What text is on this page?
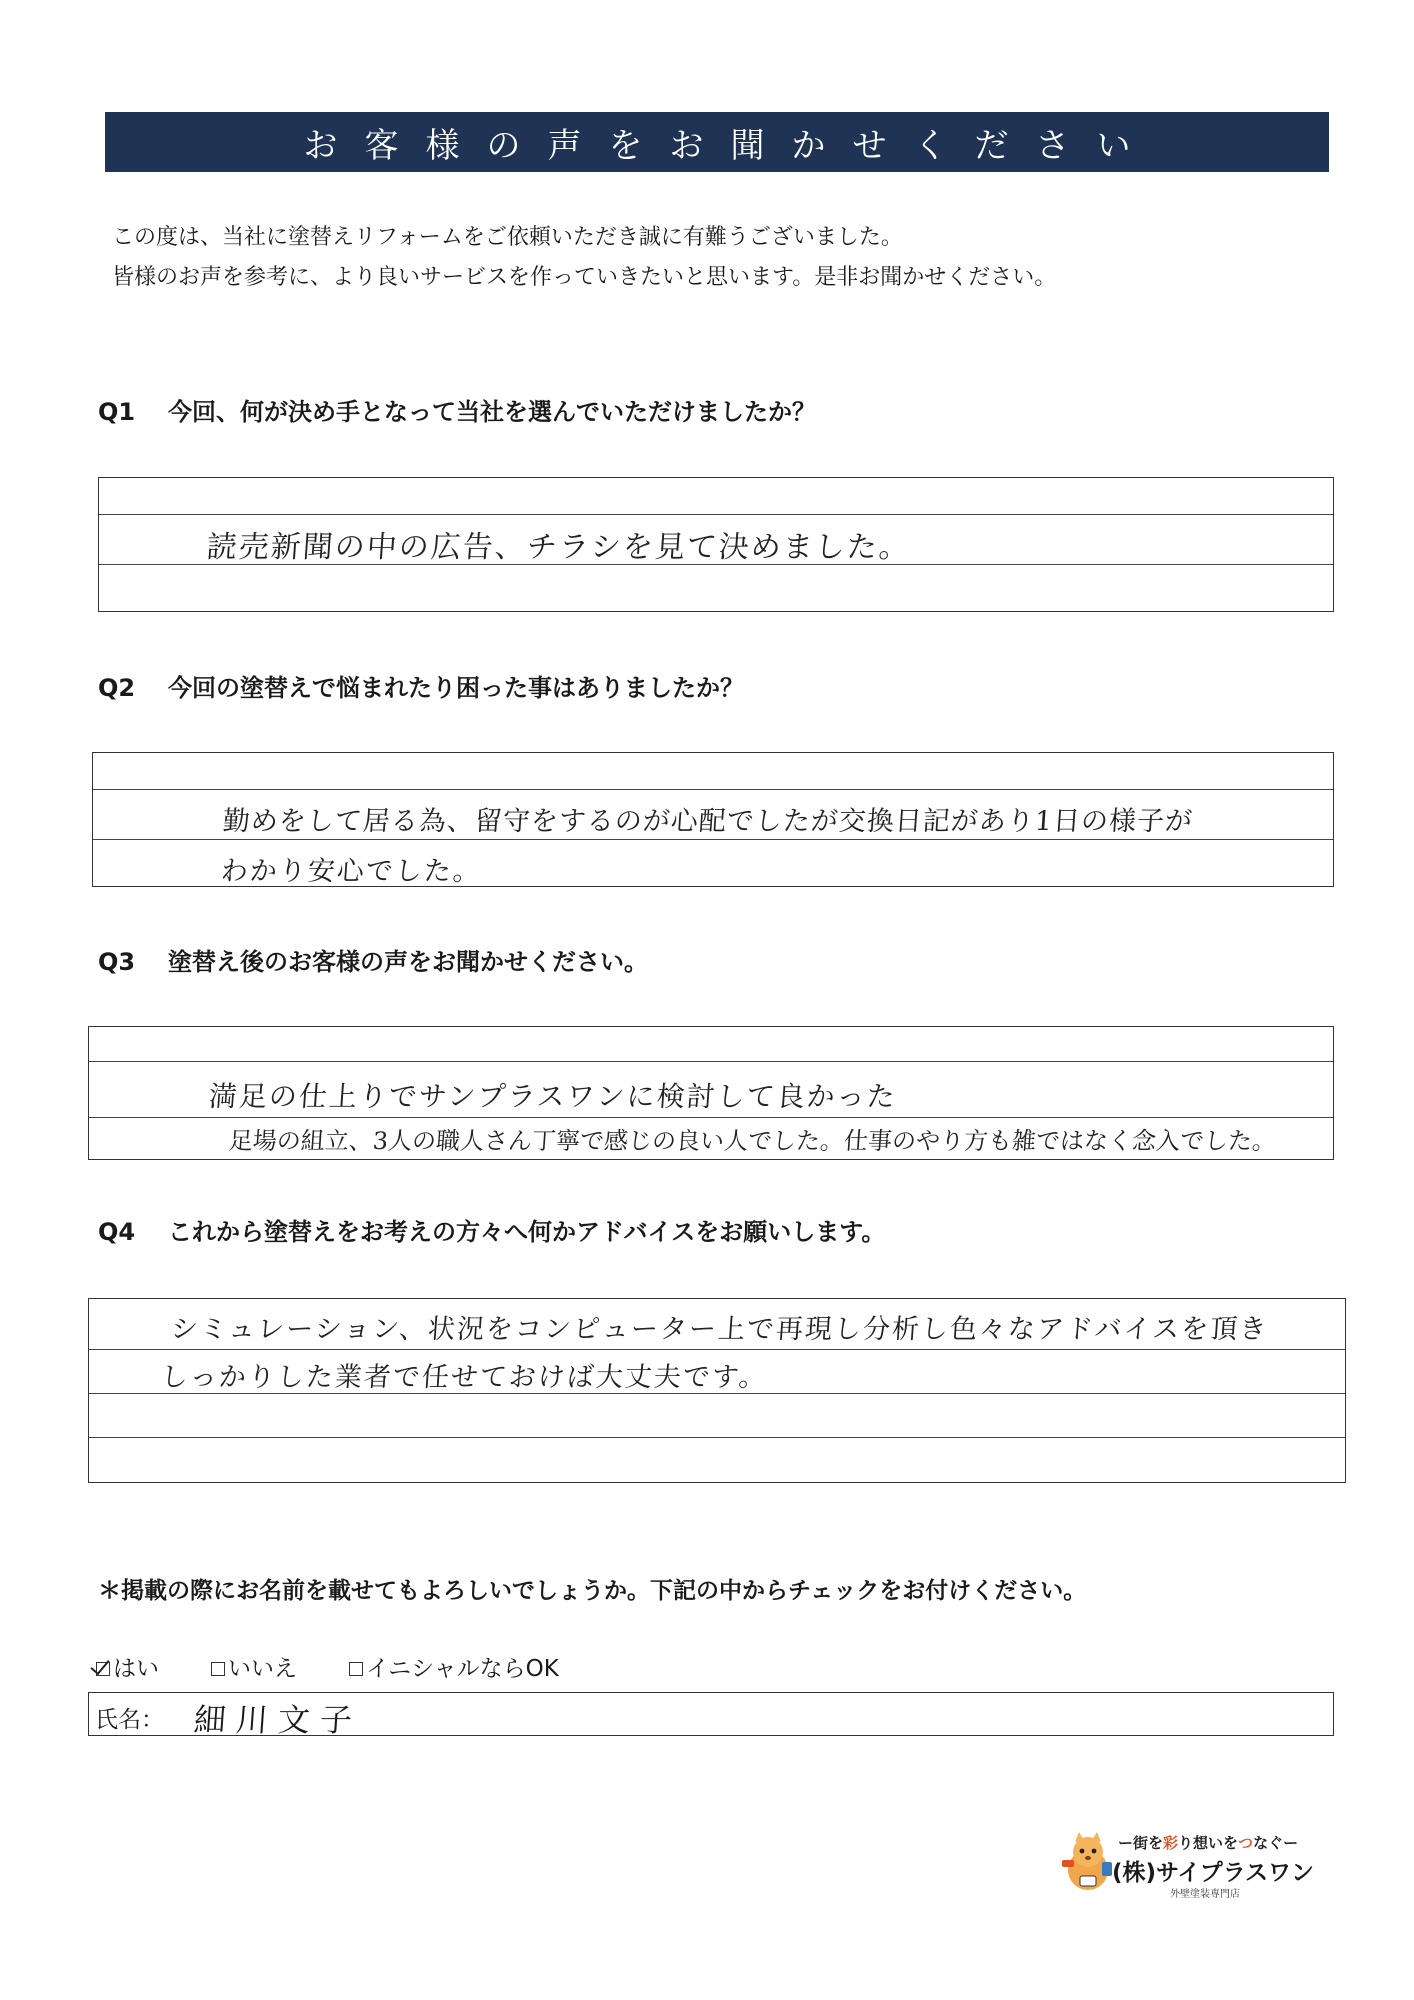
お客様の声をお聞かせください
この度は、当社に塗替えリフォームをご依頼いただき誠に有難うございました。
皆様のお声を参考に、より良いサービスを作っていきたいと思います。是非お聞かせください。
Q1 今回、何が決め手となって当社を選んでいただけましたか？
読売新聞の中の広告、チラシを見て決めました。
Q2 今回の塗替えで悩まれたり困った事はありましたか？
勤めをして居る為、留守をするのが心配でしたが交換日記があり1日の様子が
わかり安心でした。
Q3 塗替え後のお客様の声をお聞かせください。
満足の仕上りでサンプラスワンに検討して良かった
足場の組立、3人の職人さん丁寧で感じの良い人でした。仕事のやり方も雑ではなく念入でした。
Q4 これから塗替えをお考えの方々へ何かアドバイスをお願いします。
シミュレーション、状況をコンピューター上で再現し分析し色々なアドバイスを頂き
しっかりした業者で任せておけば大丈夫です。
＊掲載の際にお名前を載せてもよろしいでしょうか。下記の中からチェックをお付けください。
はい	いいえ	イニシャルならOK
氏名： 細川文子
ー街を彩り想いをつなぐー
(株)サイプラスワン
外壁塗装専門店
